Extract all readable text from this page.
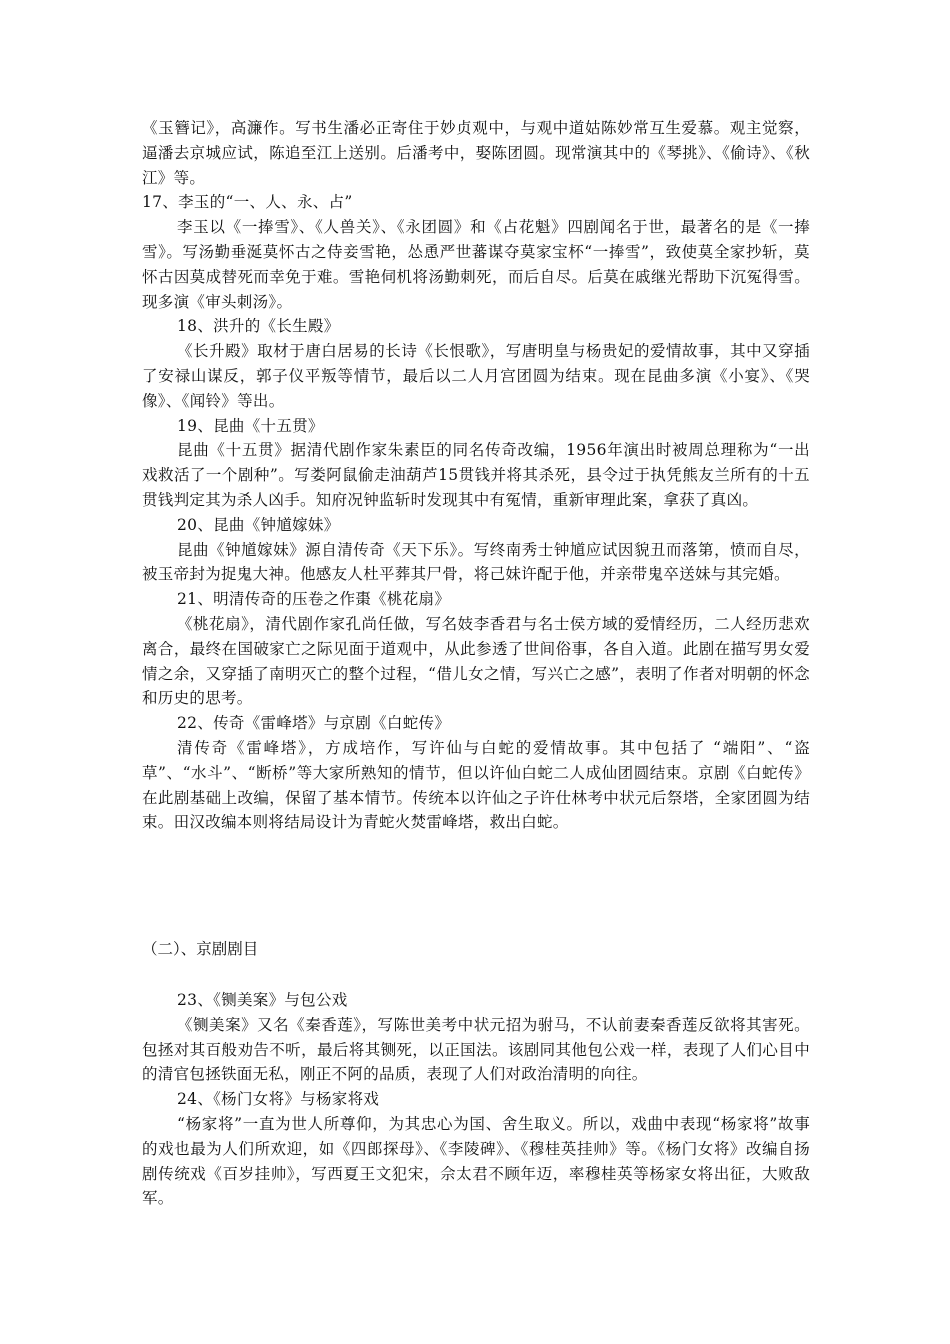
《玉簪记》，高濂作。写书生潘必正寄住于妙贞观中，与观中道姑陈妙常互生爱慕。观主觉察，逼潘去京城应试，陈追至江上送别。后潘考中，娶陈团圆。现常演其中的《琴挑》、《偷诗》、《秋江》等。

17、李玉的“一、人、永、占”

李玉以《一捧雪》、《人兽关》、《永团圆》和《占花魁》四剧闻名于世，最著名的是《一捧雪》。写汤勤垂涎莫怀古之侍妾雪艳，怂恿严世蕃谋夺莫家宝杯“一捧雪”，致使莫全家抄斩，莫怀古因莫成替死而幸免于难。雪艳伺机将汤勤刺死，而后自尽。后莫在戚继光帮助下沉冤得雪。现多演《审头刺汤》。

18、洪升的《长生殿》

《长升殿》取材于唐白居易的长诗《长恨歌》，写唐明皇与杨贵妃的爱情故事，其中又穿插了安禄山谋反，郭子仪平叛等情节，最后以二人月宫团圆为结束。现在昆曲多演《小宴》、《哭像》、《闻铃》等出。

19、昆曲《十五贯》

昆曲《十五贯》据清代剧作家朱素臣的同名传奇改编，1956年演出时被周总理称为“一出戏救活了一个剧种”。写娄阿鼠偷走油葫芦15贯钱并将其杀死，县令过于执凭熊友兰所有的十五贯钱判定其为杀人凶手。知府况钟监斩时发现其中有冤情，重新审理此案，拿获了真凶。

20、昆曲《钟馗嫁妹》

昆曲《钟馗嫁妹》源自清传奇《天下乐》。写终南秀士钟馗应试因貌丑而落第，愤而自尽，被玉帝封为捉鬼大神。他感友人杜平葬其尸骨，将己妹许配于他，并亲带鬼卒送妹与其完婚。

21、明清传奇的压卷之作棗《桃花扇》

《桃花扇》，清代剧作家孔尚任做，写名妓李香君与名士侯方域的爱情经历，二人经历悲欢离合，最终在国破家亡之际见面于道观中，从此参透了世间俗事，各自入道。此剧在描写男女爱情之余，又穿插了南明灭亡的整个过程，“借儿女之情，写兴亡之感”，表明了作者对明朝的怀念和历史的思考。

22、传奇《雷峰塔》与京剧《白蛇传》

清传奇《雷峰塔》，方成培作，写许仙与白蛇的爱情故事。其中包括了 “端阳”、“盗草”、“水斗”、“断桥”等大家所熟知的情节，但以许仙白蛇二人成仙团圆结束。京剧《白蛇传》在此剧基础上改编，保留了基本情节。传统本以许仙之子许仕林考中状元后祭塔，全家团圆为结束。田汉改编本则将结局设计为青蛇火焚雷峰塔，救出白蛇。

（二）、京剧剧目

23、《铡美案》与包公戏

《铡美案》又名《秦香莲》，写陈世美考中状元招为驸马，不认前妻秦香莲反欲将其害死。包拯对其百般劝告不听，最后将其铡死，以正国法。该剧同其他包公戏一样，表现了人们心目中的清官包拯铁面无私，刚正不阿的品质，表现了人们对政治清明的向往。

24、《杨门女将》与杨家将戏

“杨家将”一直为世人所尊仰，为其忠心为国、舍生取义。所以，戏曲中表现“杨家将”故事的戏也最为人们所欢迎，如《四郎探母》、《李陵碑》、《穆桂英挂帅》等。《杨门女将》改编自扬剧传统戏《百岁挂帅》，写西夏王文犯宋，佘太君不顾年迈，率穆桂英等杨家女将出征，大败敌军。
